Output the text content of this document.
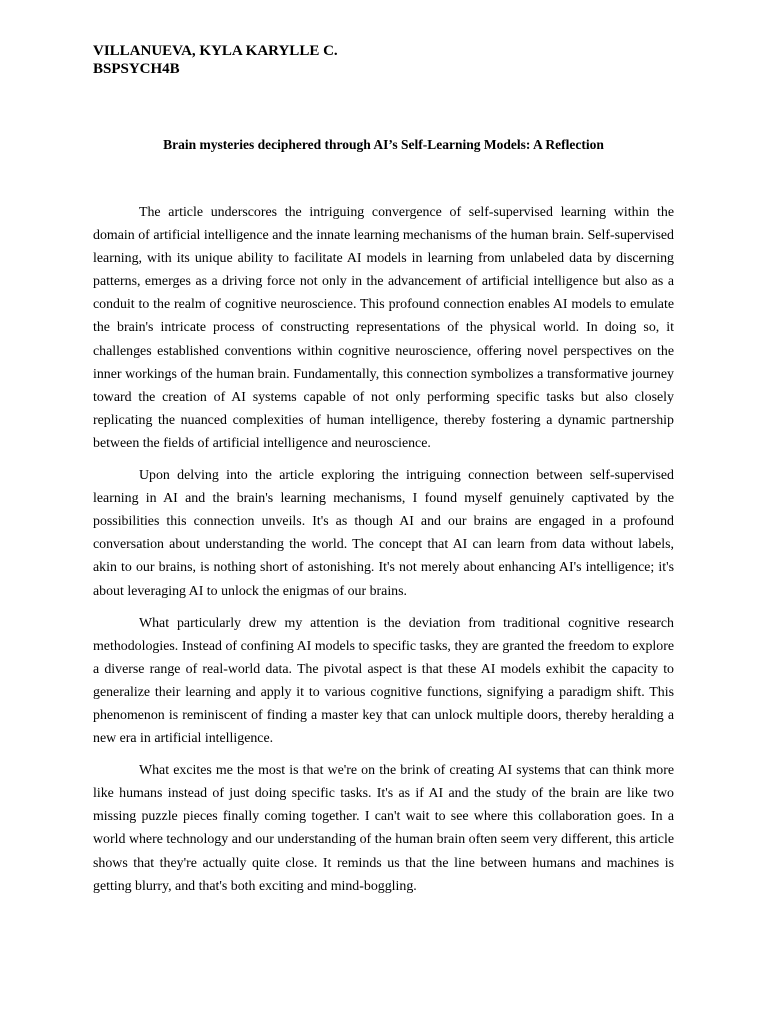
VILLANUEVA, KYLA KARYLLE C.

BSPSYCH4B

Brain mysteries deciphered through AI’s Self-Learning Models: A Reflection

The article underscores the intriguing convergence of self-supervised learning within the domain of artificial intelligence and the innate learning mechanisms of the human brain. Self-supervised learning, with its unique ability to facilitate AI models in learning from unlabeled data by discerning patterns, emerges as a driving force not only in the advancement of artificial intelligence but also as a conduit to the realm of cognitive neuroscience. This profound connection enables AI models to emulate the brain's intricate process of constructing representations of the physical world. In doing so, it challenges established conventions within cognitive neuroscience, offering novel perspectives on the inner workings of the human brain. Fundamentally, this connection symbolizes a transformative journey toward the creation of AI systems capable of not only performing specific tasks but also closely replicating the nuanced complexities of human intelligence, thereby fostering a dynamic partnership between the fields of artificial intelligence and neuroscience.

Upon delving into the article exploring the intriguing connection between self-supervised learning in AI and the brain's learning mechanisms, I found myself genuinely captivated by the possibilities this connection unveils. It's as though AI and our brains are engaged in a profound conversation about understanding the world. The concept that AI can learn from data without labels, akin to our brains, is nothing short of astonishing. It's not merely about enhancing AI's intelligence; it's about leveraging AI to unlock the enigmas of our brains.

What particularly drew my attention is the deviation from traditional cognitive research methodologies. Instead of confining AI models to specific tasks, they are granted the freedom to explore a diverse range of real-world data. The pivotal aspect is that these AI models exhibit the capacity to generalize their learning and apply it to various cognitive functions, signifying a paradigm shift. This phenomenon is reminiscent of finding a master key that can unlock multiple doors, thereby heralding a new era in artificial intelligence.

What excites me the most is that we're on the brink of creating AI systems that can think more like humans instead of just doing specific tasks. It's as if AI and the study of the brain are like two missing puzzle pieces finally coming together. I can't wait to see where this collaboration goes. In a world where technology and our understanding of the human brain often seem very different, this article shows that they're actually quite close. It reminds us that the line between humans and machines is getting blurry, and that's both exciting and mind-boggling.
